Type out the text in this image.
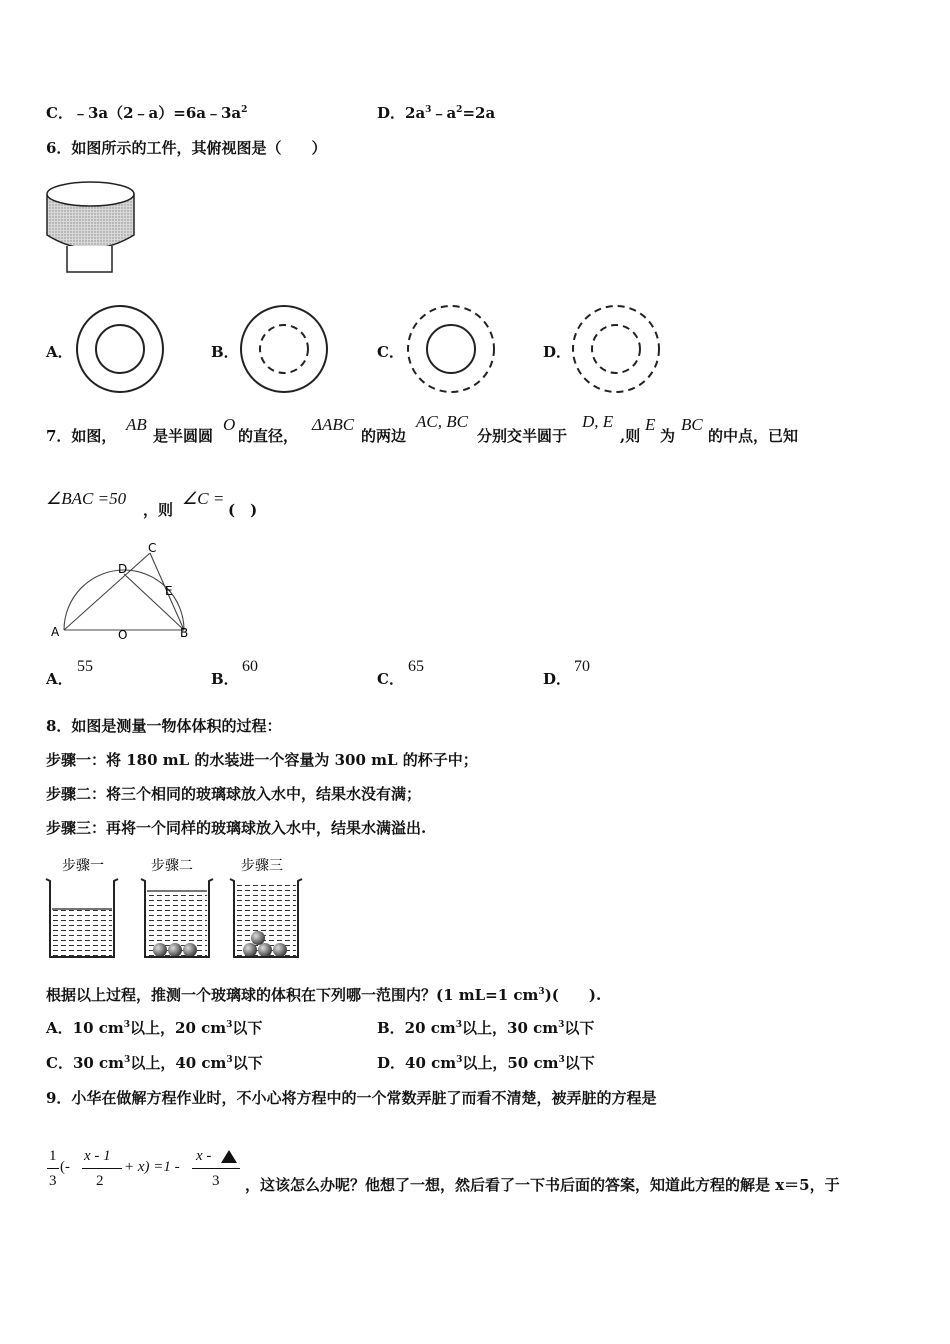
C．$﹣3a(2﹣a)=6a﹣3a^2$	D．$2a^3﹣a^2=2a$
6．如图所示的工件，其俯视图是（　　）
A．	B．	C．	D．
7．如图，
AB
是半圆圆
O
的直径，
ΔABC
的两边
AC, BC
分别交半圆于
D, E
,则
E
为
BC
的中点，已知
∠BAC =50
，则
∠C =
(　)
A	B
C
D
E
O
A．
55
B．
60
C．
65
D．
70
8．如图是测量一物体体积的过程：
步骤一：将 180 mL 的水装进一个容量为 300 mL 的杯子中；
步骤二：将三个相同的玻璃球放入水中，结果水没有满；
步骤三：再将一个同样的玻璃球放入水中，结果水满溢出.
步骤一	步骤二	步骤三
根据以上过程，推测一个玻璃球的体积在下列哪一范围内？(1 mL=1 $cm^3$)(　　).
A．10 $cm^3$以上，20 $cm^3$以下	B．20 $cm^3$以上，30 $cm^3$以下
C．30 $cm^3$以上，40 $cm^3$以下	D．40 $cm^3$以上，50 $cm^3$以下
9．小华在做解方程作业时，不小心将方程中的一个常数弄脏了而看不清楚，被弄脏的方程是
1
3
(-
x - 1
2
+ x) =1 -
x -
3 ，这该怎么办呢？他想了一想，然后看了一下书后面的答案，知道此方程的解是 x＝5，于
